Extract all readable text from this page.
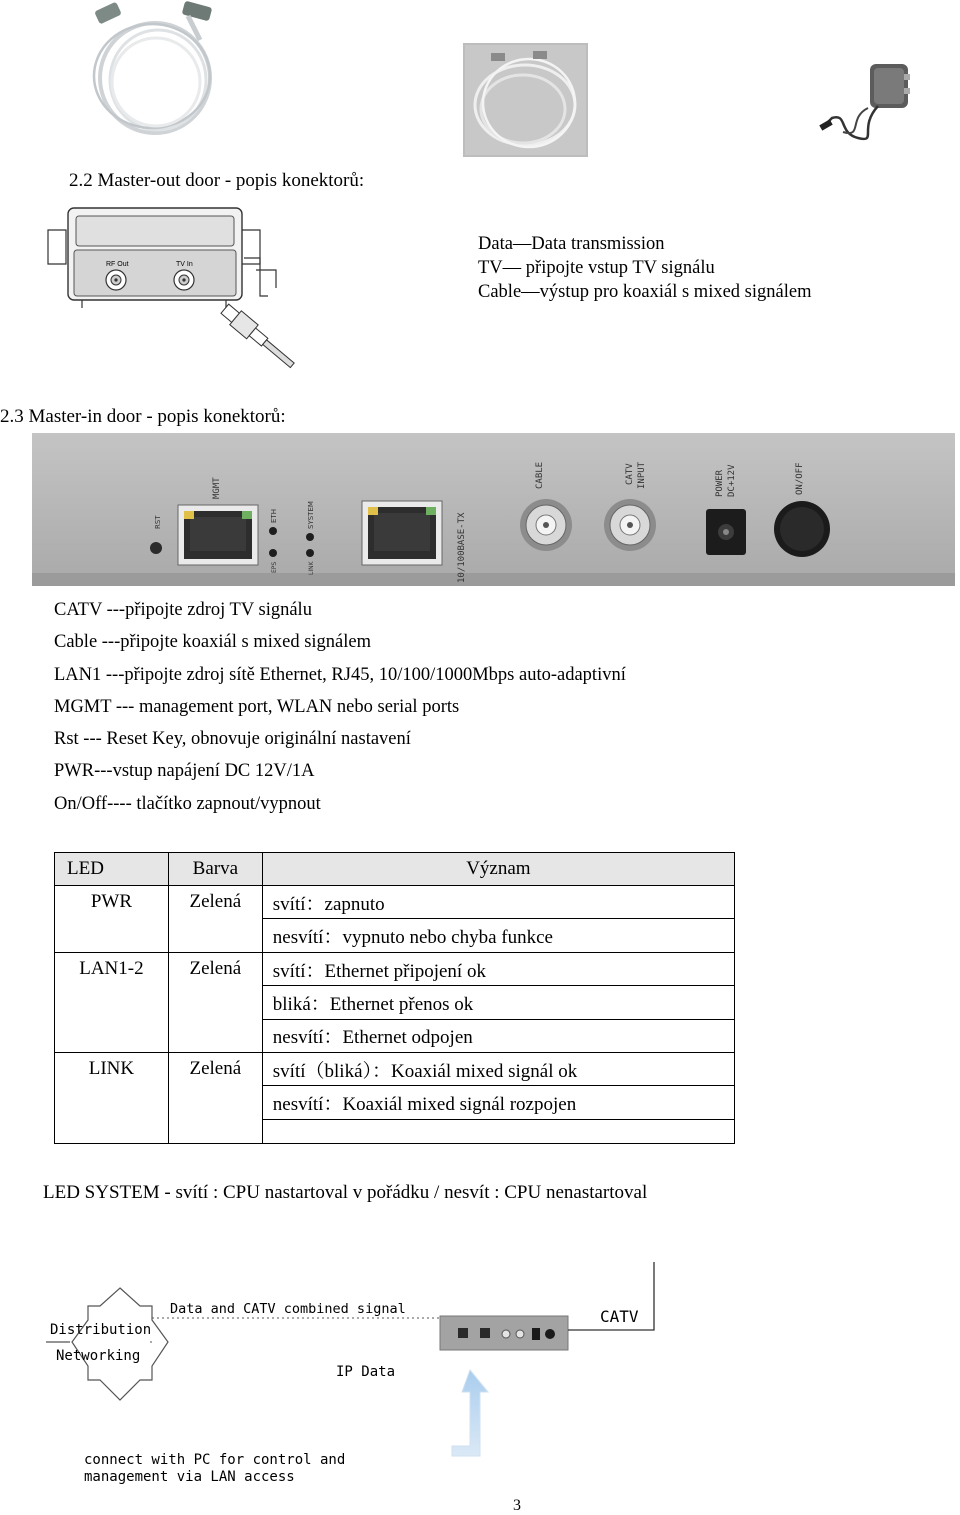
2.2 Master-out door - popis konektorů:
RF Out	TV In
Data—Data transmission
TV— připojte vstup TV signálu
Cable—výstup pro koaxiál s mixed signálem
2.3 Master-in door - popis konektorů:
RST
MGMT
ETH
EPS
SYSTEM
LINK	10/100BASE-TX
CABLE	CATV INPUT	POWER DC+12V	ON/OFF
CATV ---připojte zdroj TV signálu
Cable ---připojte koaxiál s mixed signálem
LAN1 ---připojte zdroj sítě Ethernet, RJ45, 10/100/1000Mbps auto-adaptivní
MGMT --- management port, WLAN nebo serial ports
Rst --- Reset Key, obnovuje originální nastavení
PWR---vstup napájení DC 12V/1A
On/Off---- tlačítko zapnout/vypnout
LED	Barva	Význam
PWR	Zelená	svítí：zapnuto
		nesvítí：vypnuto nebo chyba funkce
LAN1-2	Zelená	svítí：Ethernet připojení ok
		bliká：Ethernet přenos ok
		nesvítí：Ethernet odpojen
LINK	Zelená	svítí（bliká）：Koaxiál mixed signál ok
		nesvítí：Koaxiál mixed signál rozpojen

LED SYSTEM - svítí : CPU nastartoval v pořádku / nesvít : CPU nenastartoval
Distribution
Networking
Data and CATV combined signal	CATV
IP Data
connect with PC for control and
management via LAN access
3
